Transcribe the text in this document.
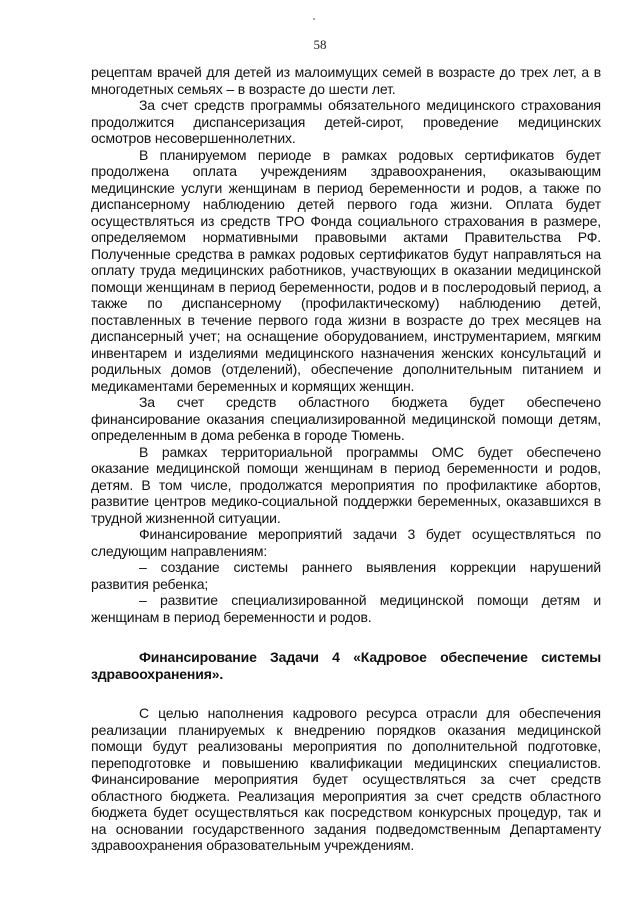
58

рецептам врачей для детей из малоимущих семей в возрасте до трех лет, а в многодетных семьях – в возрасте до шести лет.

За счет средств программы обязательного медицинского страхования продолжится диспансеризация детей-сирот, проведение медицинских осмотров несовершеннолетних.

В планируемом периоде в рамках родовых сертификатов будет продолжена оплата учреждениям здравоохранения, оказывающим медицинские услуги женщинам в период беременности и родов, а также по диспансерному наблюдению детей первого года жизни. Оплата будет осуществляться из средств ТРО Фонда социального страхования в размере, определяемом нормативными правовыми актами Правительства РФ. Полученные средства в рамках родовых сертификатов будут направляться на оплату труда медицинских работников, участвующих в оказании медицинской помощи женщинам в период беременности, родов и в послеродовый период, а также по диспансерному (профилактическому) наблюдению детей, поставленных в течение первого года жизни в возрасте до трех месяцев на диспансерный учет; на оснащение оборудованием, инструментарием, мягким инвентарем и изделиями медицинского назначения женских консультаций и родильных домов (отделений), обеспечение дополнительным питанием и медикаментами беременных и кормящих женщин.

За счет средств областного бюджета будет обеспечено финансирование оказания специализированной медицинской помощи детям, определенным в дома ребенка в городе Тюмень.

В рамках территориальной программы ОМС будет обеспечено оказание медицинской помощи женщинам в период беременности и родов, детям. В том числе, продолжатся мероприятия по профилактике абортов, развитие центров медико-социальной поддержки беременных, оказавшихся в трудной жизненной ситуации.

Финансирование мероприятий задачи 3 будет осуществляться по следующим направлениям:

– создание системы раннего выявления коррекции нарушений развития ребенка;

– развитие специализированной медицинской помощи детям и женщинам в период беременности и родов.

Финансирование Задачи 4 «Кадровое обеспечение системы здравоохранения».

С целью наполнения кадрового ресурса отрасли для обеспечения реализации планируемых к внедрению порядков оказания медицинской помощи будут реализованы мероприятия по дополнительной подготовке, переподготовке и повышению квалификации медицинских специалистов. Финансирование мероприятия будет осуществляться за счет средств областного бюджета. Реализация мероприятия за счет средств областного бюджета будет осуществляться как посредством конкурсных процедур, так и на основании государственного задания подведомственным Департаменту здравоохранения образовательным учреждениям.
